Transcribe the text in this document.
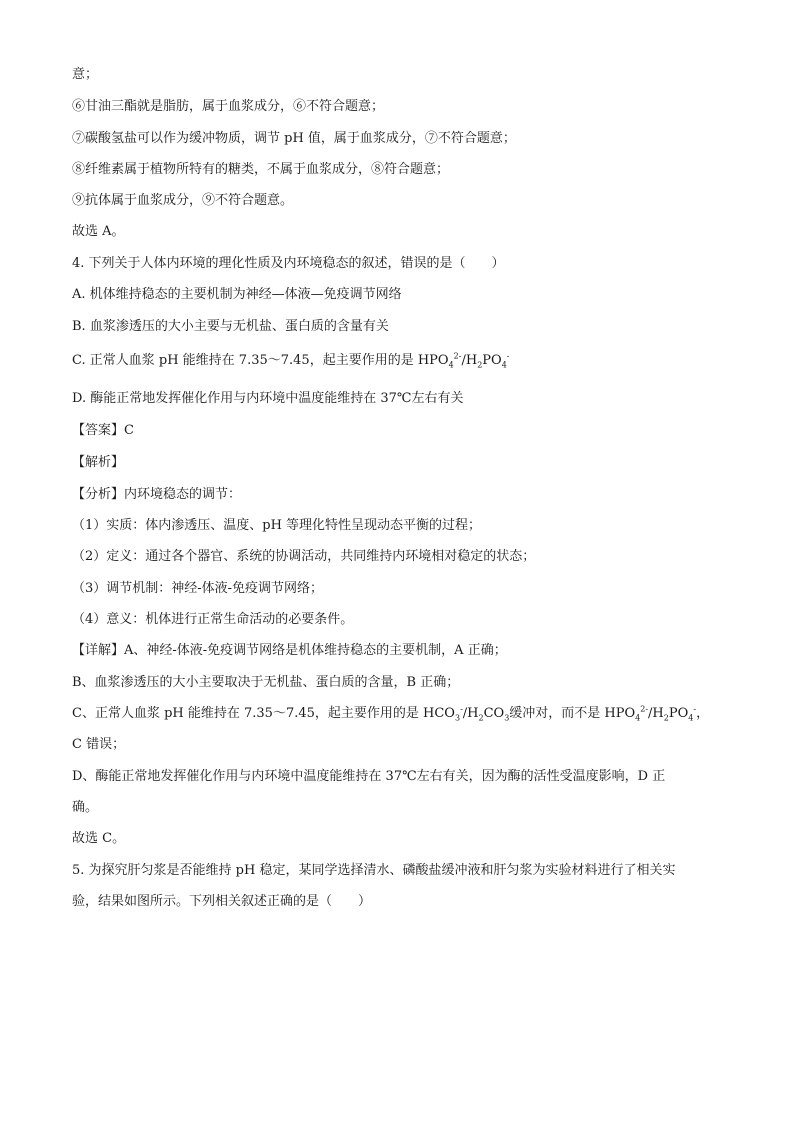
意；
⑥甘油三酯就是脂肪，属于血浆成分，⑥不符合题意；
⑦碳酸氢盐可以作为缓冲物质，调节 pH 值，属于血浆成分，⑦不符合题意；
⑧纤维素属于植物所特有的糖类，不属于血浆成分，⑧符合题意；
⑨抗体属于血浆成分，⑨不符合题意。
故选 A。
4. 下列关于人体内环境的理化性质及内环境稳态的叙述，错误的是（　　）
A. 机体维持稳态的主要机制为神经—体液—免疫调节网络
B. 血浆渗透压的大小主要与无机盐、蛋白质的含量有关
C. 正常人血浆 pH 能维持在 7.35～7.45，起主要作用的是 $HPO_4^{2-}/H_2PO_4^-$
D. 酶能正常地发挥催化作用与内环境中温度能维持在 37℃左右有关
【答案】C
【解析】
【分析】内环境稳态的调节：
（1）实质：体内渗透压、温度、pH 等理化特性呈现动态平衡的过程；
（2）定义：通过各个器官、系统的协调活动，共同维持内环境相对稳定的状态；
（3）调节机制：神经-体液-免疫调节网络；
（4）意义：机体进行正常生命活动的必要条件。
【详解】A、神经-体液-免疫调节网络是机体维持稳态的主要机制，A 正确；
B、血浆渗透压的大小主要取决于无机盐、蛋白质的含量，B 正确；
C、正常人血浆 pH 能维持在 7.35～7.45，起主要作用的是 $HCO_3^-/H_2CO_3$缓冲对，而不是 $HPO_4^{2-}/H_2PO_4^-$，
C 错误；
D、酶能正常地发挥催化作用与内环境中温度能维持在 37℃左右有关，因为酶的活性受温度影响，D 正
确。
故选 C。
5. 为探究肝匀浆是否能维持 pH 稳定，某同学选择清水、磷酸盐缓冲液和肝匀浆为实验材料进行了相关实
验，结果如图所示。下列相关叙述正确的是（　　）
